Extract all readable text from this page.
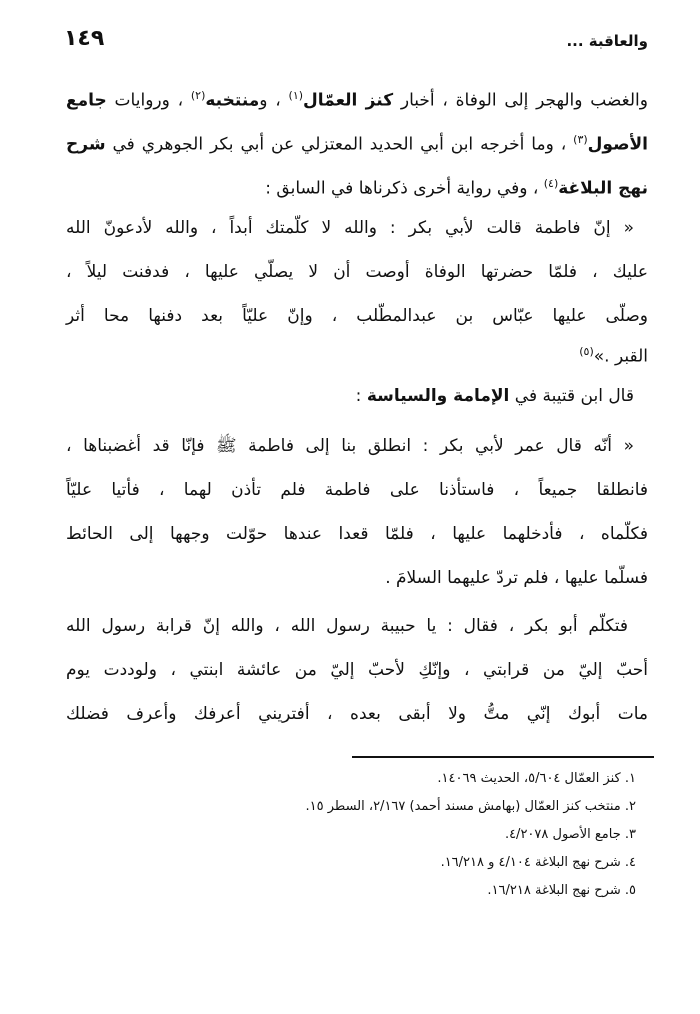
والعاقبة ...
١٤٩
والغضب والهجر إلى الوفاة ، أخبار كنز العمّال$^{(١)}$ ، ومنتخبه$^{(٢)}$ ، وروايات جامع
الأصول$^{(٣)}$ ، وما أخرجه ابن أبي الحديد المعتزلي عن أبي بكر الجوهري في شرح
نهج البلاغة$^{(٤)}$ ، وفي رواية أخرى ذكرناها في السابق :
« إنّ فاطمة قالت لأبي بكر : والله لا كلّمتك أبداً ، والله لأدعونّ الله
عليك ، فلمّا حضرتها الوفاة أوصت أن لا يصلّي عليها ، فدفنت ليلاً ،
وصلّى عليها عبّاس بن عبدالمطّلب ، وإنّ عليّاً بعد دفنها محا أثر
القبر .»$^{(٥)}$
قال ابن قتيبة في الإمامة والسياسة :
« أنّه قال عمر لأبي بكر : انطلق بنا إلى فاطمة ﷺ فإنّا قد أغضبناها ،
فانطلقا جميعاً ، فاستأذنا على فاطمة فلم تأذن لهما ، فأتيا عليّاً
فكلّماه ، فأدخلهما عليها ، فلمّا قعدا عندها حوّلت وجهها إلى الحائط
فسلّما عليها ، فلم تردّ عليهما السلامَ .
فتكلّم أبو بكر ، فقال : يا حبيبة رسول الله ، والله إنّ قرابة رسول الله
أحبّ إليّ من قرابتي ، وإنّكِ لأحبّ إليّ من عائشة ابنتي ، ولوددت يوم
مات أبوك إنّي متُّ ولا أبقى بعده ، أفتريني أعرفك وأعرف فضلك
١. كنز العمّال ٥/٦٠٤، الحديث ١٤٠٦٩.
٢. منتخب كنز العمّال (بهامش مسند أحمد) ٢/١٦٧، السطر ١٥.
٣. جامع الأصول ٤/٢٠٧٨.
٤. شرح نهج البلاغة ٤/١٠٤ و ١٦/٢١٨.
٥. شرح نهج البلاغة ١٦/٢١٨.
